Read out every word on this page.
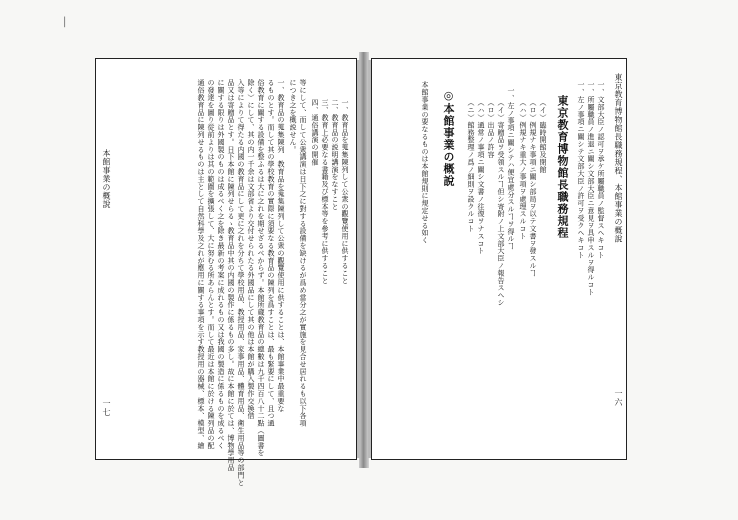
東京教育博物館長職務規程、本館事業の概說
一六
東京教育博物館長職務規程	一、文部大臣ノ認可ヲ承ケ所屬職員ノ監督スヘキコト
一、所屬職員ノ進退ニ關シ文部大臣ニ意見ヲ具申スルヲ得ルコト
一、左ノ事項ニ關シテ文部大臣ノ許可ヲ受クヘキコト
（イ）臨時開館及閉館
（ロ）例規ナキ事項ニ關シ部局ヲ以テ文書ヲ發スルヿ
（ハ）例規ナキ重大ノ事項ヲ處理スルコト
一、左ノ事項ニ關シテハ便宜處分スルヿヲ得ルヿ
（イ）寄贈品ヲ受領スルヿ但シ寄附ノ上文部大臣ノ報告スヘシ
（ロ）出品ノ許容
（ハ）通常ノ事項ニ關シ文書ノ往復ヲナスコト
（ニ）館務整理ノ爲ノ細則ヲ設クルコト
◎本館事業の概說
本館事業の要なるものは本館規則に規定せる如く
本館事業の概說
一七
一、教育品を蒐集陳列して公衆の觀覽使用に供すること
二、教育品の説明講演をなすこと
三、教育上必要なる書籍及び標本等を參考に供すること
四、通俗講演の開催
等にして、而して公衆講演は日下之に對する設備を缺けるが爲め當分之が實施を見合せ居れるも以下各項
につき之を概説せん。
一、教育品の蒐集陳列　教育品を蒐集陳列して公衆の觀覽使用に供することは、本館事業中最重要な
るものとす。而して其の學校教育の實際に須要なる教育品の陳列を爲すことは、最も緊要にして、且つ通
俗教育に關する設備を整ふるは大に之れを期せざるべからず。本館所蔵教育品の總數は九千四百八十二點（圖書を
除く）にして、其の内一千余は文部省より交付せられたる外國品にして其の他は本館が購入製作交換借
入等によりて得たる内國の教育品にして更に之れを分ちて學校用品、教授用品、家事用品、體育用品、衛生用品等の部門と
品又は寄贈品とす。日下本館に陳列せらるゝ教育品中其の内國の製作に係るもの多し。故に本館に於ては、博物學用品
に關する限りは外國製のものは成るべく之を除き最新の考案に成れるもの又は我國の製造に係るものを成るべく
の發達を圖り從前よりは其の範圍を擴張して、大に努むる所あらんとす。而して最近は本館に於ける陳列品の配
通俗教育品に陳列せるものは主として自然科學及之れが應用に關する事項を示す教授用の器械、標本、模型、繪
│
